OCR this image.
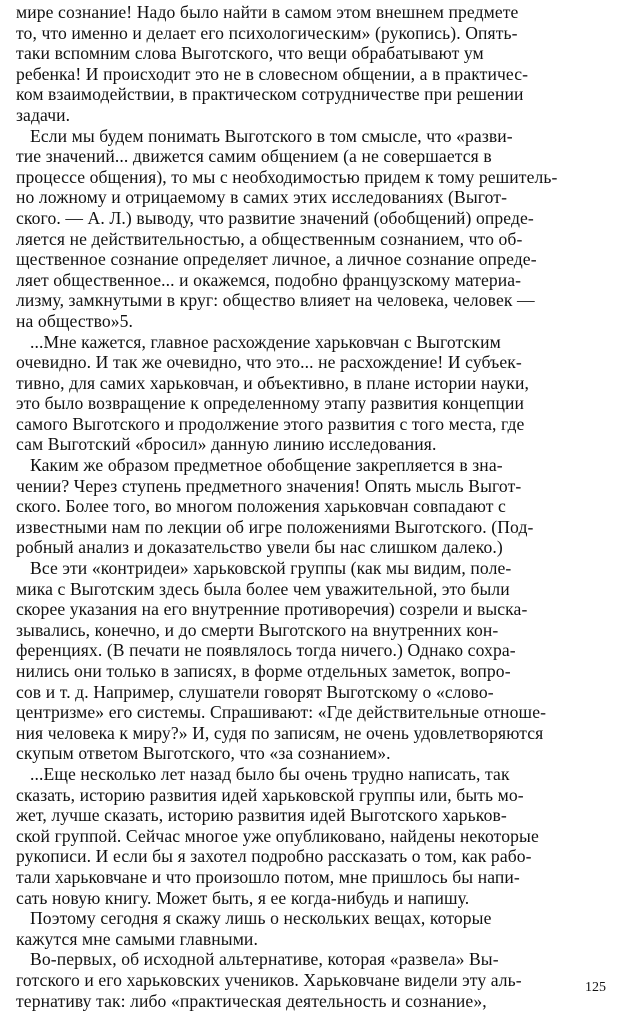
мире сознание! Надо было найти в самом этом внешнем предмете
то, что именно и делает его психологическим» (рукопись). Опять-
таки вспомним слова Выготского, что вещи обрабатывают ум
ребенка! И происходит это не в словесном общении, а в практичес-
ком взаимодействии, в практическом сотрудничестве при решении
задачи.
Если мы будем понимать Выготского в том смысле, что «разви-
тие значений... движется самим общением (а не совершается в
процессе общения), то мы с необходимостью придем к тому решитель-
но ложному и отрицаемому в самих этих исследованиях (Выгот-
ского. — А. Л.) выводу, что развитие значений (обобщений) опреде-
ляется не действительностью, а общественным сознанием, что об-
щественное сознание определяет личное, а личное сознание опреде-
ляет общественное... и окажемся, подобно французскому материа-
лизму, замкнутыми в круг: общество влияет на человека, человек —
на общество»5.
...Мне кажется, главное расхождение харьковчан с Выготским
очевидно. И так же очевидно, что это... не расхождение! И субъек-
тивно, для самих харьковчан, и объективно, в плане истории науки,
это было возвращение к определенному этапу развития концепции
самого Выготского и продолжение этого развития с того места, где
сам Выготский «бросил» данную линию исследования.
Каким же образом предметное обобщение закрепляется в зна-
чении? Через ступень предметного значения! Опять мысль Выгот-
ского. Более того, во многом положения харьковчан совпадают с
известными нам по лекции об игре положениями Выготского. (Под-
робный анализ и доказательство увели бы нас слишком далеко.)
Все эти «контридеи» харьковской группы (как мы видим, поле-
мика с Выготским здесь была более чем уважительной, это были
скорее указания на его внутренние противоречия) созрели и выска-
зывались, конечно, и до смерти Выготского на внутренних кон-
ференциях. (В печати не появлялось тогда ничего.) Однако сохра-
нились они только в записях, в форме отдельных заметок, вопро-
сов и т. д. Например, слушатели говорят Выготскому о «слово-
центризме» его системы. Спрашивают: «Где действительные отноше-
ния человека к миру?» И, судя по записям, не очень удовлетворяются
скупым ответом Выготского, что «за сознанием».
...Еще несколько лет назад было бы очень трудно написать, так
сказать, историю развития идей харьковской группы или, быть мо-
жет, лучше сказать, историю развития идей Выготского харьков-
ской группой. Сейчас многое уже опубликовано, найдены некоторые
рукописи. И если бы я захотел подробно рассказать о том, как рабо-
тали харьковчане и что произошло потом, мне пришлось бы напи-
сать новую книгу. Может быть, я ее когда-нибудь и напишу.
Поэтому сегодня я скажу лишь о нескольких вещах, которые
кажутся мне самыми главными.
Во-первых, об исходной альтернативе, которая «развела» Вы-
готского и его харьковских учеников. Харьковчане видели эту аль-
тернативу так: либо «практическая деятельность и сознание»,
125
